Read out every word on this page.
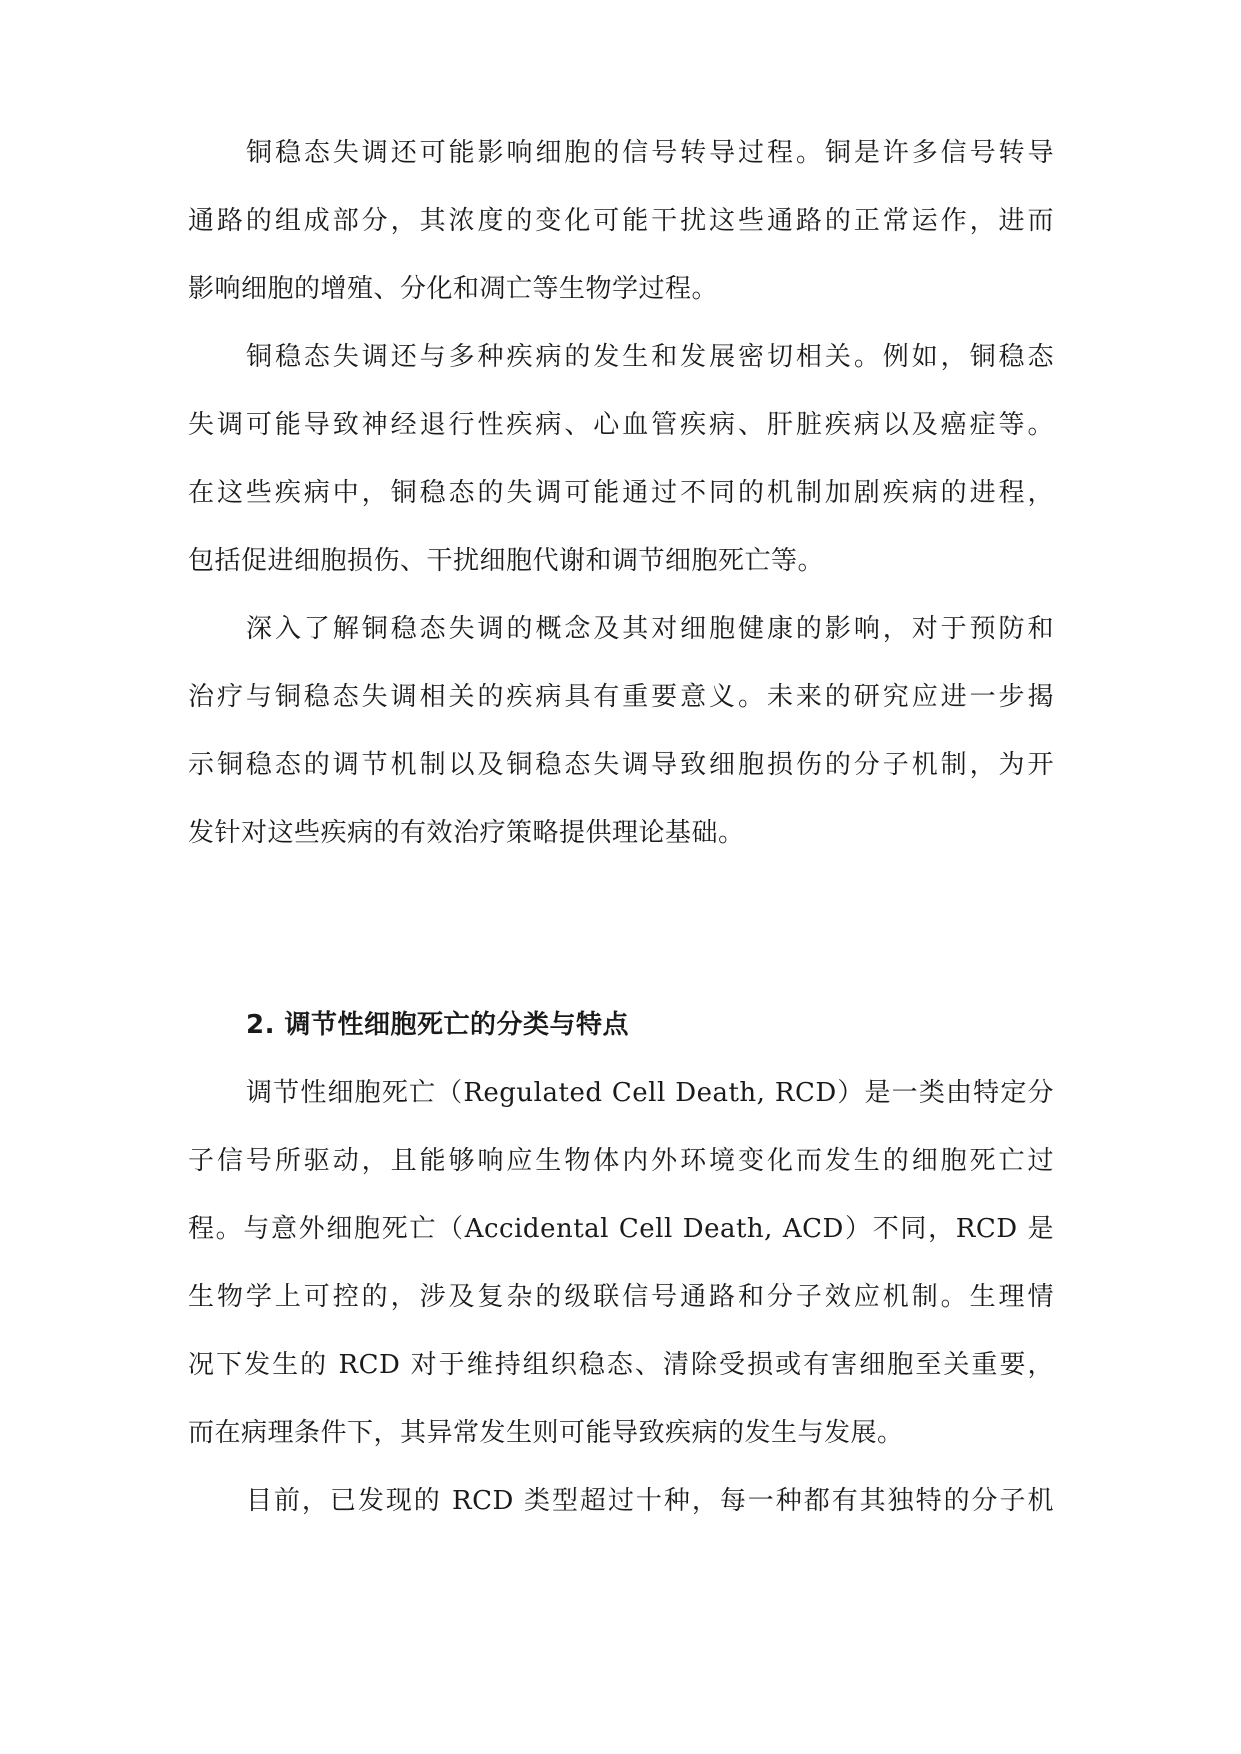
铜稳态失调还可能影响细胞的信号转导过程。铜是许多信号转导
通路的组成部分，其浓度的变化可能干扰这些通路的正常运作，进而
影响细胞的增殖、分化和凋亡等生物学过程。
铜稳态失调还与多种疾病的发生和发展密切相关。例如，铜稳态
失调可能导致神经退行性疾病、心血管疾病、肝脏疾病以及癌症等。
在这些疾病中，铜稳态的失调可能通过不同的机制加剧疾病的进程，
包括促进细胞损伤、干扰细胞代谢和调节细胞死亡等。
深入了解铜稳态失调的概念及其对细胞健康的影响，对于预防和
治疗与铜稳态失调相关的疾病具有重要意义。未来的研究应进一步揭
示铜稳态的调节机制以及铜稳态失调导致细胞损伤的分子机制，为开
发针对这些疾病的有效治疗策略提供理论基础。
2. 调节性细胞死亡的分类与特点
调节性细胞死亡（Regulated Cell Death, RCD）是一类由特定分
子信号所驱动，且能够响应生物体内外环境变化而发生的细胞死亡过
程。与意外细胞死亡（Accidental Cell Death, ACD）不同，RCD 是
生物学上可控的，涉及复杂的级联信号通路和分子效应机制。生理情
况下发生的 RCD 对于维持组织稳态、清除受损或有害细胞至关重要，
而在病理条件下，其异常发生则可能导致疾病的发生与发展。
目前，已发现的 RCD 类型超过十种，每一种都有其独特的分子机
